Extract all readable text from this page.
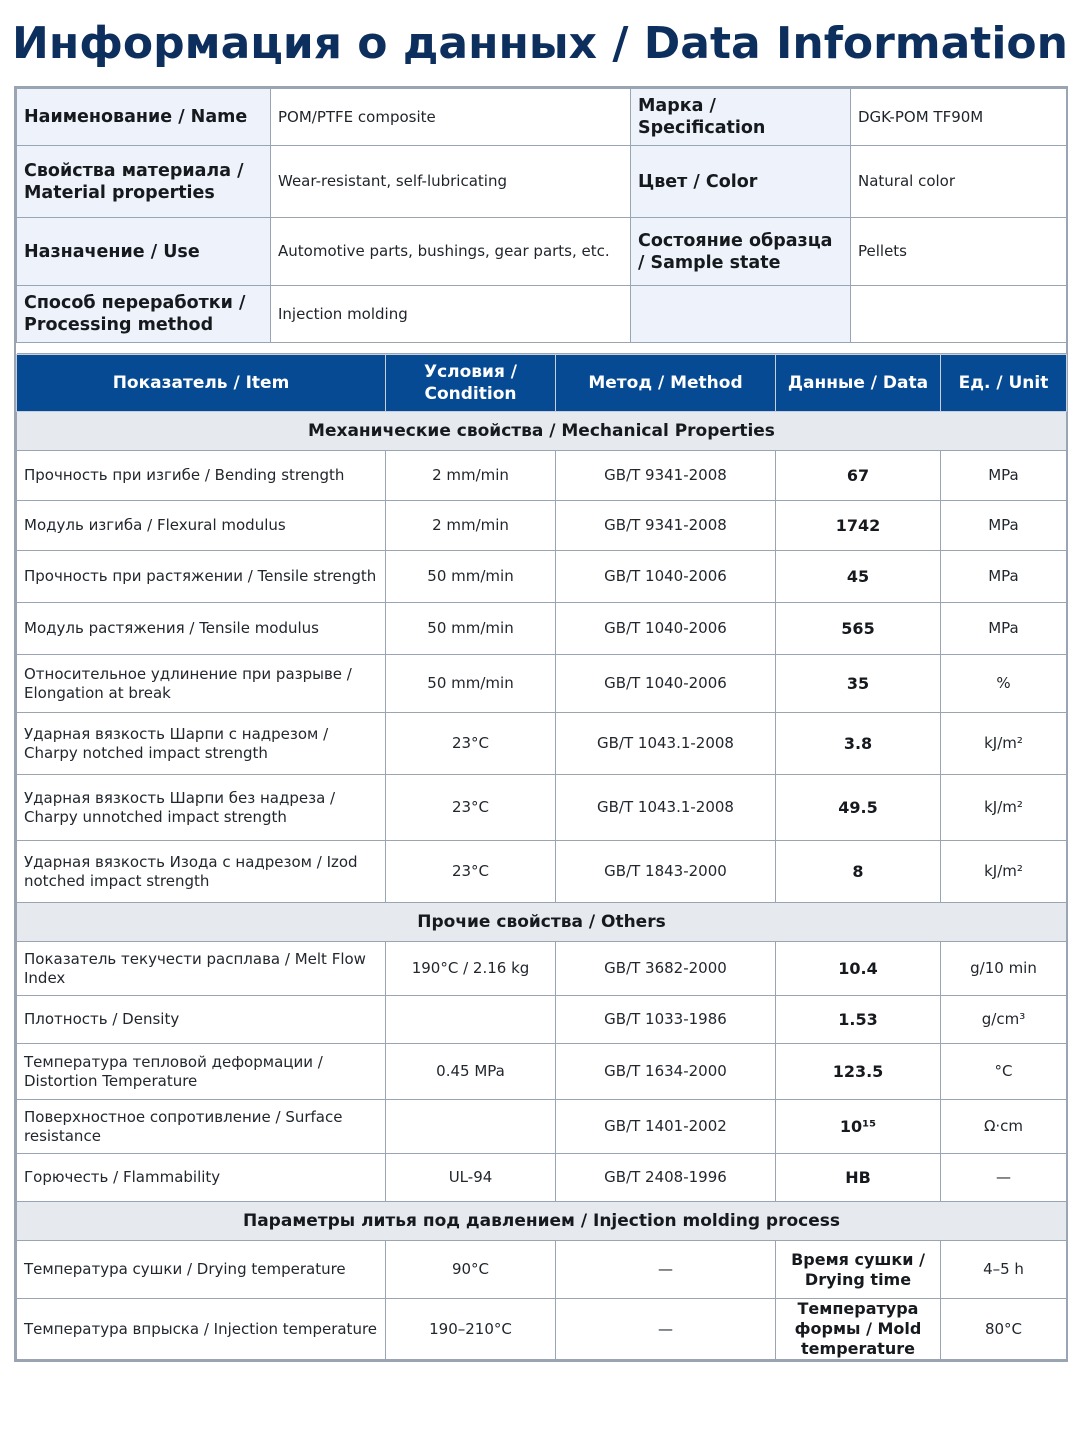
Информация о данных / Data Information
Наименование / Name	POM/PTFE composite	Марка / Specification	DGK-POM TF90M
Свойства материала / Material properties	Wear-resistant, self-lubricating	Цвет / Color	Natural color
Назначение / Use	Automotive parts, bushings, gear parts, etc.	Состояние образца / Sample state	Pellets
Способ переработки / Processing method	Injection molding		

Показатель / Item	Условия / Condition	Метод / Method	Данные / Data	Ед. / Unit
Механические свойства / Mechanical Properties				
Прочность при изгибе / Bending strength	2 mm/min	GB/T 9341-2008	67	MPa
Модуль изгиба / Flexural modulus	2 mm/min	GB/T 9341-2008	1742	MPa
Прочность при растяжении / Tensile strength	50 mm/min	GB/T 1040-2006	45	MPa
Модуль растяжения / Tensile modulus	50 mm/min	GB/T 1040-2006	565	MPa
Относительное удлинение при разрыве / Elongation at break	50 mm/min	GB/T 1040-2006	35	%
Ударная вязкость Шарпи с надрезом / Charpy notched impact strength	23°C	GB/T 1043.1-2008	3.8	kJ/m²
Ударная вязкость Шарпи без надреза / Charpy unnotched impact strength	23°C	GB/T 1043.1-2008	49.5	kJ/m²
Ударная вязкость Изода с надрезом / Izod notched impact strength	23°C	GB/T 1843-2000	8	kJ/m²
Прочие свойства / Others				
Показатель текучести расплава / Melt Flow Index	190°C / 2.16 kg	GB/T 3682-2000	10.4	g/10 min
Плотность / Density		GB/T 1033-1986	1.53	g/cm³
Температура тепловой деформации / Distortion Temperature	0.45 MPa	GB/T 1634-2000	123.5	°C
Поверхностное сопротивление / Surface resistance		GB/T 1401-2002	10¹⁵	Ω·cm
Горючесть / Flammability	UL-94	GB/T 2408-1996	HB	—
Параметры литья под давлением / Injection molding process				
Температура сушки / Drying temperature	90°C	—	Время сушки / Drying time	4–5 h
Температура впрыска / Injection temperature	190–210°C	—	Температура формы / Mold temperature	80°C
